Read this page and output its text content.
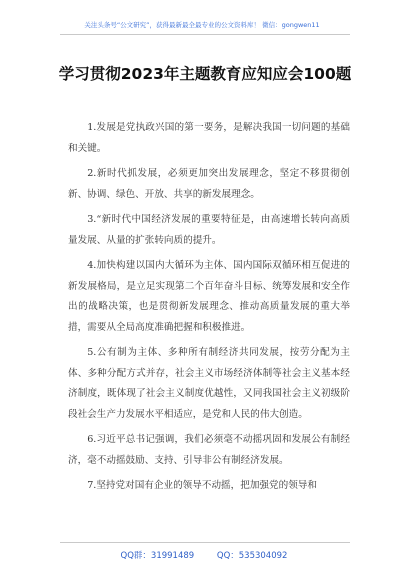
关注头条号“公文研究”，获得最新最全最专业的公文资料库！ 微信：gongwen11
学习贯彻2023年主题教育应知应会100题

1.发展是党执政兴国的第一要务，是解决我国一切问题的基础和关键。

2.新时代抓发展，必须更加突出发展理念，坚定不移贯彻创新、协调、绿色、开放、共享的新发展理念。

3.“新时代中国经济发展的重要特征是，由高速增长转向高质量发展、从量的扩张转向质的提升。

4.加快构建以国内大循环为主体、国内国际双循环相互促进的新发展格局，是立足实现第二个百年奋斗目标、统筹发展和安全作出的战略决策，也是贯彻新发展理念、推动高质量发展的重大举措，需要从全局高度准确把握和积极推进。

5.公有制为主体、多种所有制经济共同发展，按劳分配为主体、多种分配方式并存，社会主义市场经济体制等社会主义基本经济制度，既体现了社会主义制度优越性，又同我国社会主义初级阶段社会生产力发展水平相适应，是党和人民的伟大创造。

6.习近平总书记强调，我们必须毫不动摇巩固和发展公有制经济，毫不动摇鼓励、支持、引导非公有制经济发展。

7.坚持党对国有企业的领导不动摇，把加强党的领导和

QQ群：31991489	QQ：535304092
